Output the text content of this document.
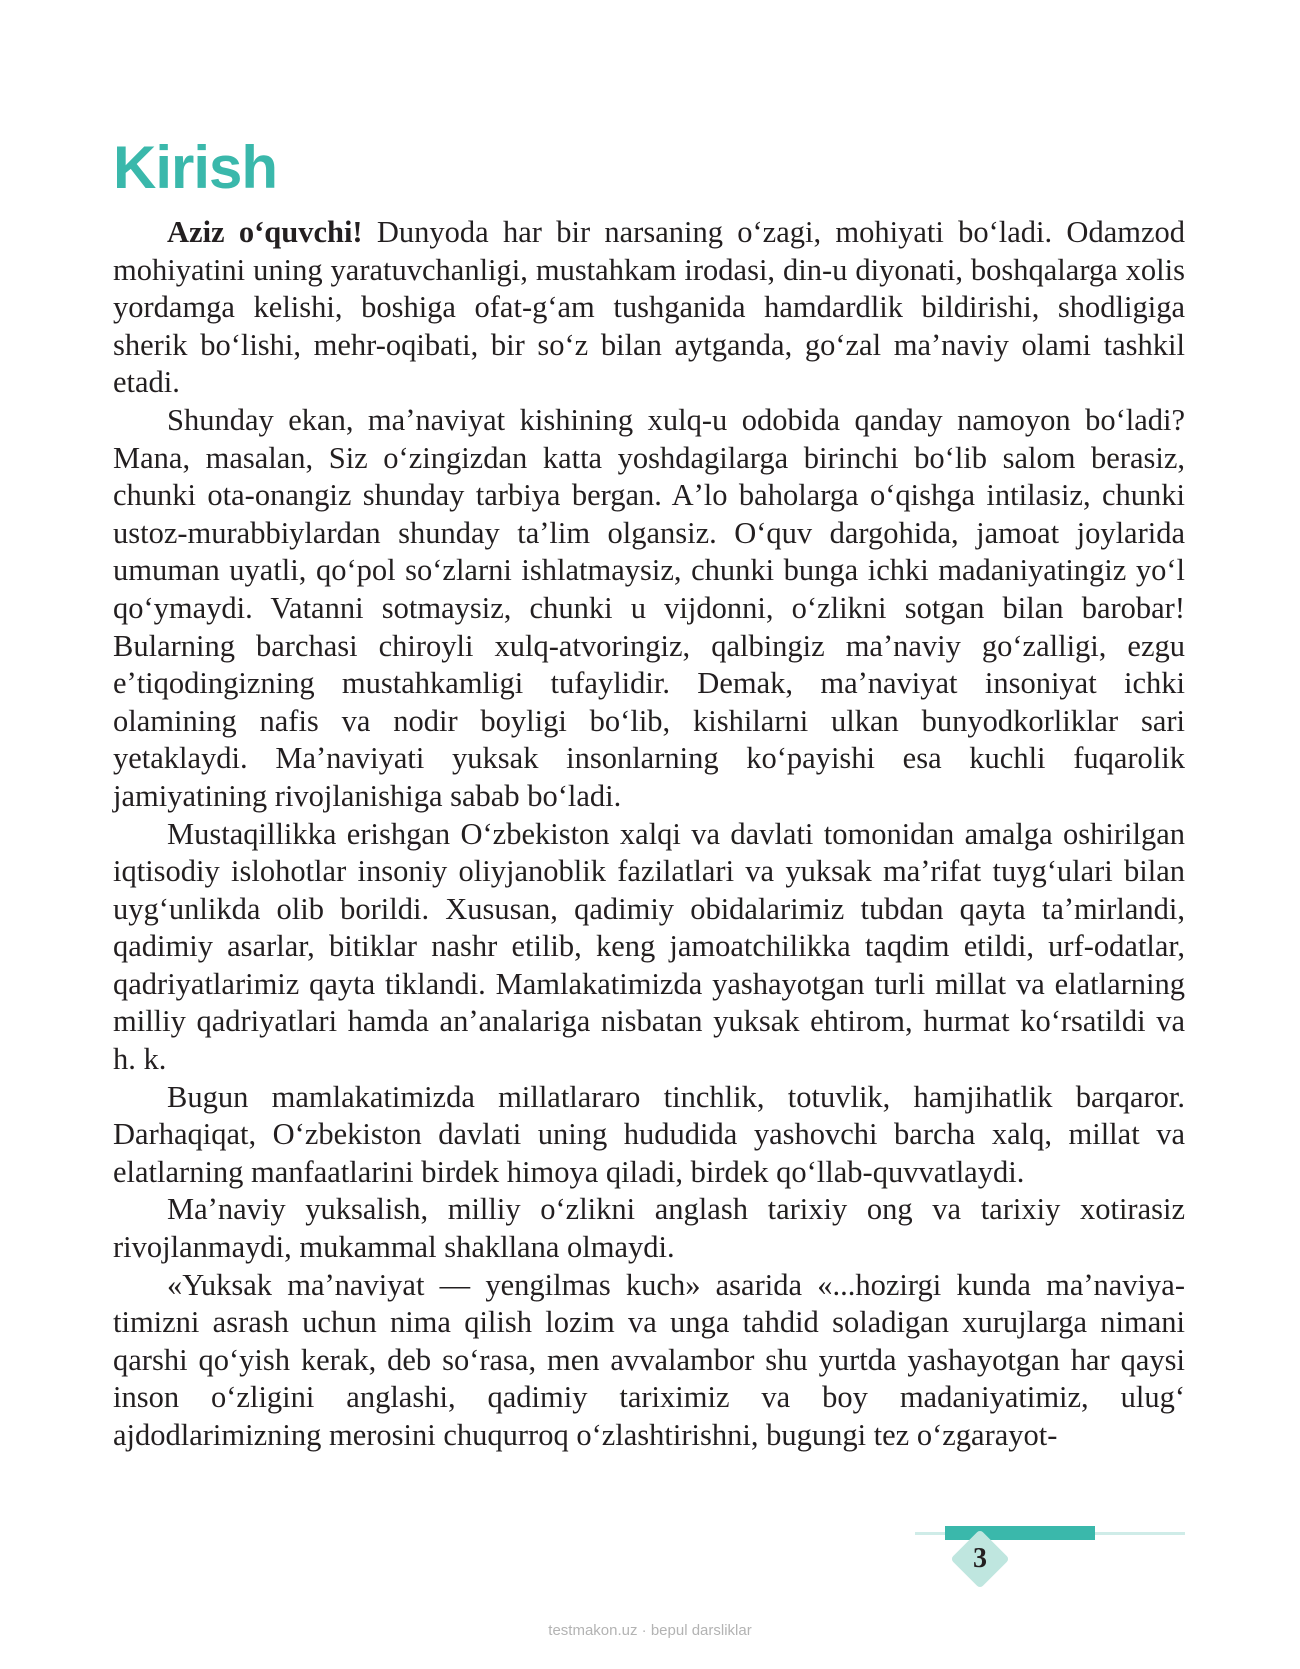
Kirish

Aziz oʻquvchi! Dunyoda har bir narsaning oʻzagi, mohiyati boʻladi. Odamzod mohiyatini uning yaratuvchanligi, mustahkam irodasi, din-u diyonati, boshqalarga xolis yordamga kelishi, boshiga ofat-gʻam tushganida hamdardlik bildirishi, shodligiga sherik boʻlishi, mehr-oqibati, bir soʻz bilan aytganda, goʻzal maʼnaviy olami tashkil etadi.

Shunday ekan, maʼnaviyat kishining xulq-u odobida qanday namoyon boʻladi? Mana, masalan, Siz oʻzingizdan katta yoshdagilarga birinchi boʻlib salom berasiz, chunki ota-onangiz shunday tarbiya bergan. Aʼlo baholarga oʻqishga intilasiz, chunki ustoz-murabbiylardan shunday taʼlim olgansiz. Oʻquv dargohida, jamoat joylarida umuman uyatli, qoʻpol soʻzlarni ishlatmaysiz, chunki bunga ichki madaniyatingiz yoʻl qoʻymaydi. Vatanni sotmaysiz, chunki u vijdonni, oʻzlikni sotgan bilan barobar! Bularning barchasi chiroyli xulq-atvoringiz, qalbingiz maʼnaviy goʻzalligi, ezgu eʼtiqodingizning mustahkamligi tufaylidir. Demak, maʼnaviyat insoniyat ichki olamining nafis va nodir boyligi boʻlib, kishilarni ulkan bunyodkorliklar sari yetaklaydi. Maʼnaviyati yuksak insonlarning koʻpayishi esa kuchli fuqarolik jamiyatining rivojlanishiga sabab boʻladi.

Mustaqillikka erishgan Oʻzbekiston xalqi va davlati tomonidan amalga oshirilgan iqtisodiy islohotlar insoniy oliyjanoblik fazilatlari va yuksak maʼrifat tuygʻulari bilan uygʻunlikda olib borildi. Xususan, qadimiy obidalarimiz tubdan qayta taʼmirlandi, qadimiy asarlar, bitiklar nashr etilib, keng jamoatchilikka taqdim etildi, urf-odatlar, qadriyatlarimiz qayta tiklandi. Mamlakatimizda yashayotgan turli millat va elatlarning milliy qadriyatlari hamda anʼanalariga nisbatan yuksak ehtirom, hurmat koʻrsatildi va h. k.

Bugun mamlakatimizda millatlararo tinchlik, totuvlik, hamjihatlik barqaror. Darhaqiqat, Oʻzbekiston davlati uning hududida yashovchi barcha xalq, millat va elatlarning manfaatlarini birdek himoya qiladi, birdek qoʻllab-quvvatlaydi.

Maʼnaviy yuksalish, milliy oʻzlikni anglash tarixiy ong va tarixiy xotirasiz rivojlanmaydi, mukammal shakllana olmaydi.

«Yuksak maʼnaviyat — yengilmas kuch» asarida «...hozirgi kunda maʼnaviyatimizni asrash uchun nima qilish lozim va unga tahdid soladigan xurujlarga nimani qarshi qoʻyish kerak, deb soʻrasa, men avvalambor shu yurtda yashayotgan har qaysi inson oʻzligini anglashi, qadimiy tariximiz va boy madaniyatimiz, ulugʻ ajdodlarimizning merosini chuqurroq oʻzlashtirishni, bugungi tez oʻzgarayot-

3
testmakon.uz · bepul darsliklar
